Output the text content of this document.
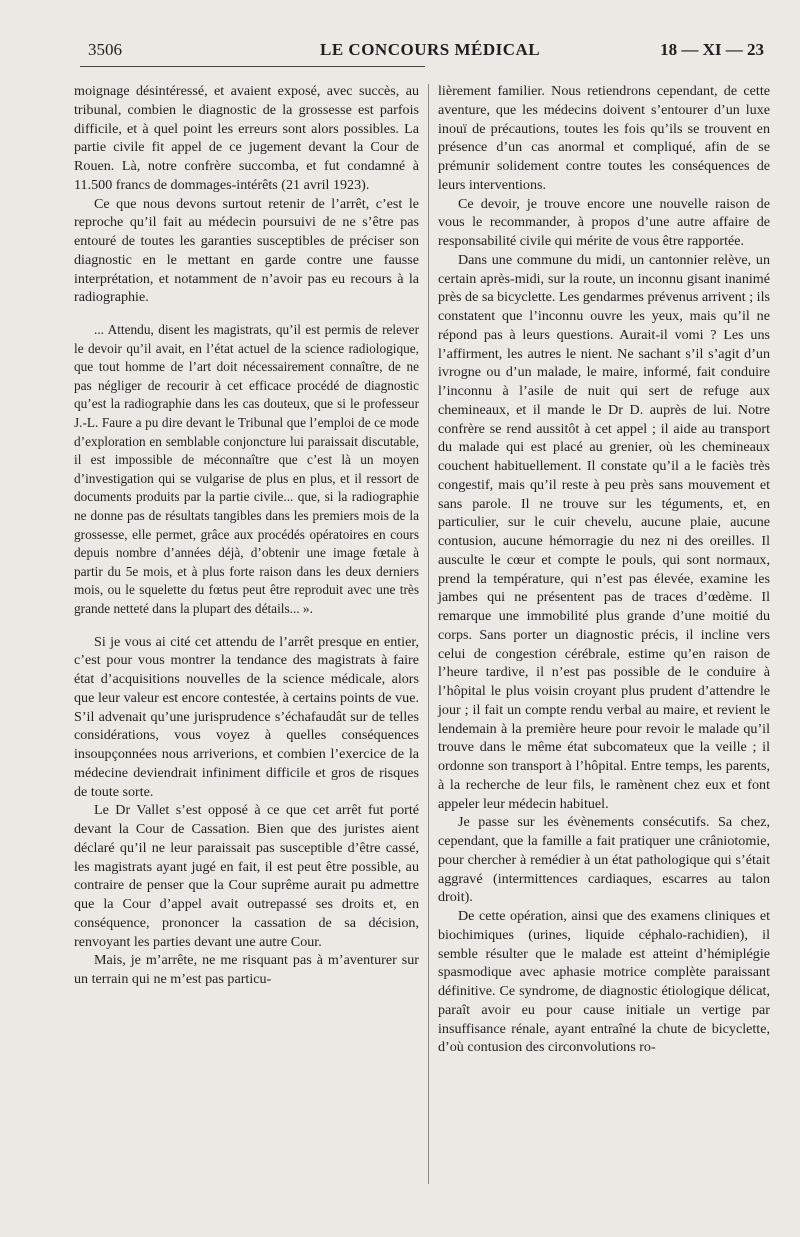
3506	LE CONCOURS MÉDICAL	18 — XI — 23

moignage désintéressé, et avaient exposé, avec succès, au tribunal, combien le diagnostic de la grossesse est parfois difficile, et à quel point les erreurs sont alors possibles. La partie civile fit appel de ce jugement devant la Cour de Rouen. Là, notre confrère succomba, et fut condamné à 11.500 francs de dommages-intérêts (21 avril 1923).

Ce que nous devons surtout retenir de l’arrêt, c’est le reproche qu’il fait au médecin poursuivi de ne s’être pas entouré de toutes les garanties susceptibles de préciser son diagnostic en le mettant en garde contre une fausse interprétation, et notamment de n’avoir pas eu recours à la radiographie.

... Attendu, disent les magistrats, qu’il est permis de relever le devoir qu’il avait, en l’état actuel de la science radiologique, que tout homme de l’art doit nécessairement connaître, de ne pas négliger de recourir à cet efficace procédé de diagnostic qu’est la radiographie dans les cas douteux, que si le professeur J.-L. Faure a pu dire devant le Tribunal que l’emploi de ce mode d’exploration en semblable conjoncture lui paraissait discutable, il est impossible de méconnaître que c’est là un moyen d’investigation qui se vulgarise de plus en plus, et il ressort de documents produits par la partie civile... que, si la radiographie ne donne pas de résultats tangibles dans les premiers mois de la grossesse, elle permet, grâce aux procédés opératoires en cours depuis nombre d’années déjà, d’obtenir une image fœtale à partir du 5e mois, et à plus forte raison dans les deux derniers mois, ou le squelette du fœtus peut être reproduit avec une très grande netteté dans la plupart des détails... ».

Si je vous ai cité cet attendu de l’arrêt presque en entier, c’est pour vous montrer la tendance des magistrats à faire état d’acquisitions nouvelles de la science médicale, alors que leur valeur est encore contestée, à certains points de vue. S’il advenait qu’une jurisprudence s’échafaudât sur de telles considérations, vous voyez à quelles conséquences insoupçonnées nous arriverions, et combien l’exercice de la médecine deviendrait infiniment difficile et gros de risques de toute sorte.

Le Dr Vallet s’est opposé à ce que cet arrêt fut porté devant la Cour de Cassation. Bien que des juristes aient déclaré qu’il ne leur paraissait pas susceptible d’être cassé, les magistrats ayant jugé en fait, il est peut être possible, au contraire de penser que la Cour suprême aurait pu admettre que la Cour d’appel avait outrepassé ses droits et, en conséquence, prononcer la cassation de sa décision, renvoyant les parties devant une autre Cour.

Mais, je m’arrête, ne me risquant pas à m’aventurer sur un terrain qui ne m’est pas particu-

lièrement familier. Nous retiendrons cependant, de cette aventure, que les médecins doivent s’entourer d’un luxe inouï de précautions, toutes les fois qu’ils se trouvent en présence d’un cas anormal et compliqué, afin de se prémunir solidement contre toutes les conséquences de leurs interventions.

Ce devoir, je trouve encore une nouvelle raison de vous le recommander, à propos d’une autre affaire de responsabilité civile qui mérite de vous être rapportée.

Dans une commune du midi, un cantonnier relève, un certain après-midi, sur la route, un inconnu gisant inanimé près de sa bicyclette. Les gendarmes prévenus arrivent ; ils constatent que l’inconnu ouvre les yeux, mais qu’il ne répond pas à leurs questions. Aurait-il vomi ? Les uns l’affirment, les autres le nient. Ne sachant s’il s’agit d’un ivrogne ou d’un malade, le maire, informé, fait conduire l’inconnu à l’asile de nuit qui sert de refuge aux chemineaux, et il mande le Dr D. auprès de lui. Notre confrère se rend aussitôt à cet appel ; il aide au transport du malade qui est placé au grenier, où les chemineaux couchent habituellement. Il constate qu’il a le faciès très congestif, mais qu’il reste à peu près sans mouvement et sans parole. Il ne trouve sur les téguments, et, en particulier, sur le cuir chevelu, aucune plaie, aucune contusion, aucune hémorragie du nez ni des oreilles. Il ausculte le cœur et compte le pouls, qui sont normaux, prend la température, qui n’est pas élevée, examine les jambes qui ne présentent pas de traces d’œdème. Il remarque une immobilité plus grande d’une moitié du corps. Sans porter un diagnostic précis, il incline vers celui de congestion cérébrale, estime qu’en raison de l’heure tardive, il n’est pas possible de le conduire à l’hôpital le plus voisin croyant plus prudent d’attendre le jour ; il fait un compte rendu verbal au maire, et revient le lendemain à la première heure pour revoir le malade qu’il trouve dans le même état subcomateux que la veille ; il ordonne son transport à l’hôpital. Entre temps, les parents, à la recherche de leur fils, le ramènent chez eux et font appeler leur médecin habituel.

Je passe sur les évènements consécutifs. Sa chez, cependant, que la famille a fait pratiquer une crâniotomie, pour chercher à remédier à un état pathologique qui s’était aggravé (intermittences cardiaques, escarres au talon droit).

De cette opération, ainsi que des examens cliniques et biochimiques (urines, liquide céphalo-rachidien), il semble résulter que le malade est atteint d’hémiplégie spasmodique avec aphasie motrice complète paraissant définitive. Ce syndrome, de diagnostic étiologique délicat, paraît avoir eu pour cause initiale un vertige par insuffisance rénale, ayant entraîné la chute de bicyclette, d’où contusion des circonvolutions ro-
